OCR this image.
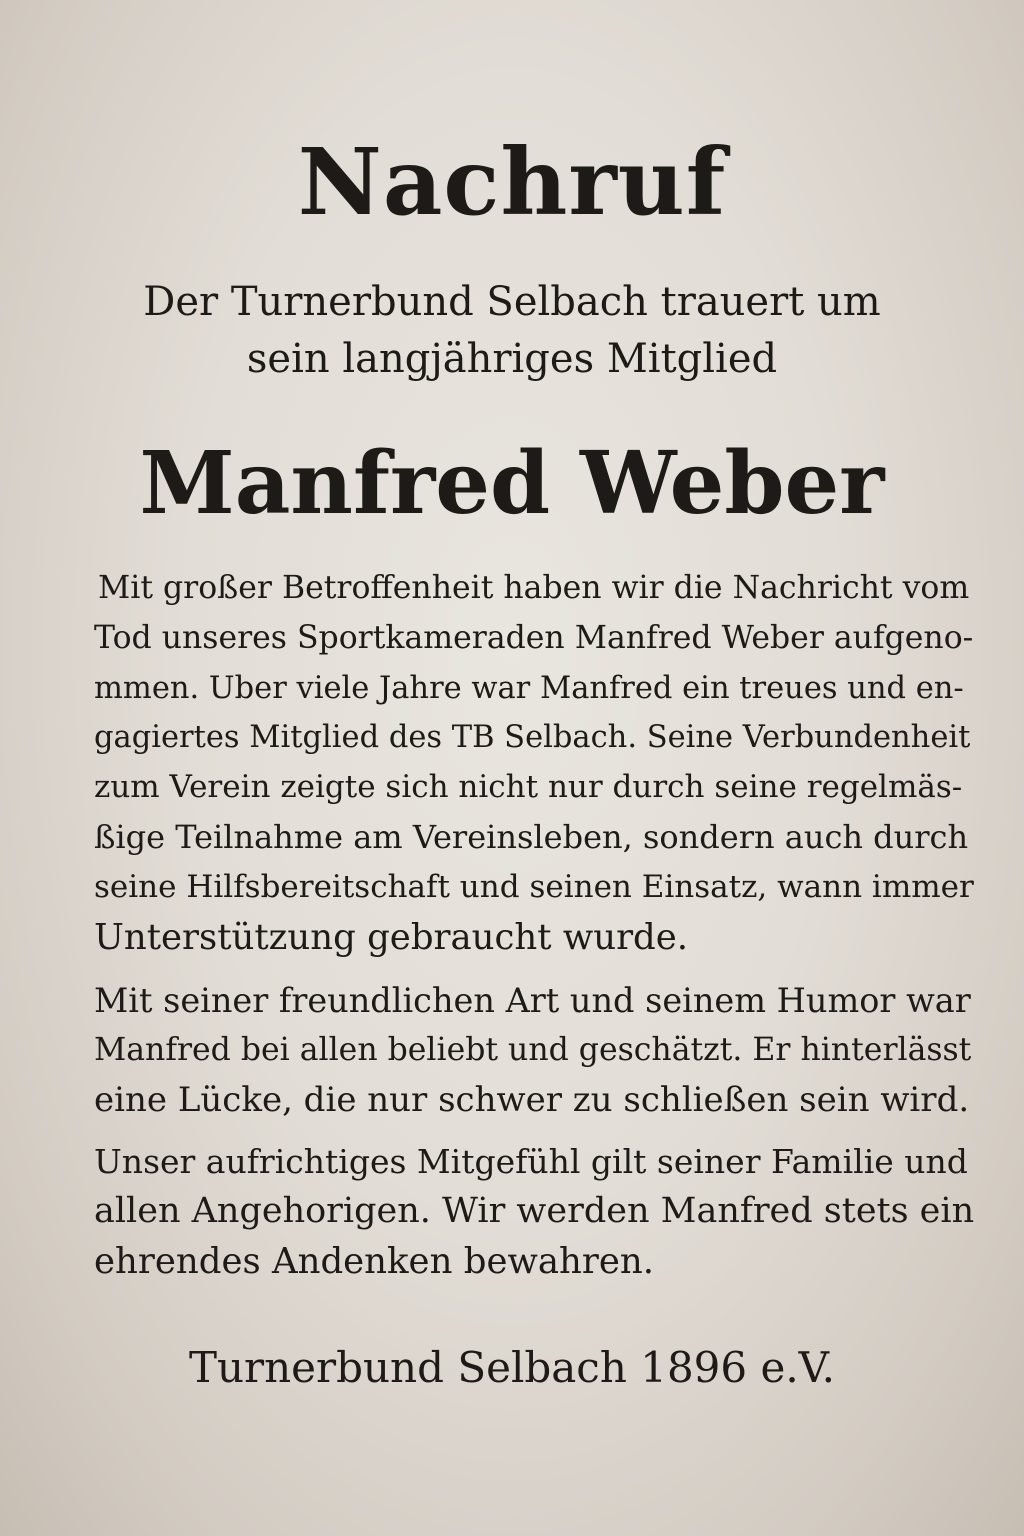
Nachruf
Der Turnerbund Selbach trauert um
sein langjähriges Mitglied
Manfred Weber
Mit großer Betroffenheit haben wir die Nachricht vom
Tod unseres Sportkameraden Manfred Weber aufgeno-
mmen. Uber viele Jahre war Manfred ein treues und en-
gagiertes Mitglied des TB Selbach. Seine Verbundenheit
zum Verein zeigte sich nicht nur durch seine regelmäs-
ßige Teilnahme am Vereinsleben, sondern auch durch
seine Hilfsbereitschaft und seinen Einsatz, wann immer
Unterstützung gebraucht wurde.
Mit seiner freundlichen Art und seinem Humor war
Manfred bei allen beliebt und geschätzt. Er hinterlässt
eine Lücke, die nur schwer zu schließen sein wird.
Unser aufrichtiges Mitgefühl gilt seiner Familie und
allen Angehorigen. Wir werden Manfred stets ein
ehrendes Andenken bewahren.

Turnerbund Selbach 1896 e.V.
